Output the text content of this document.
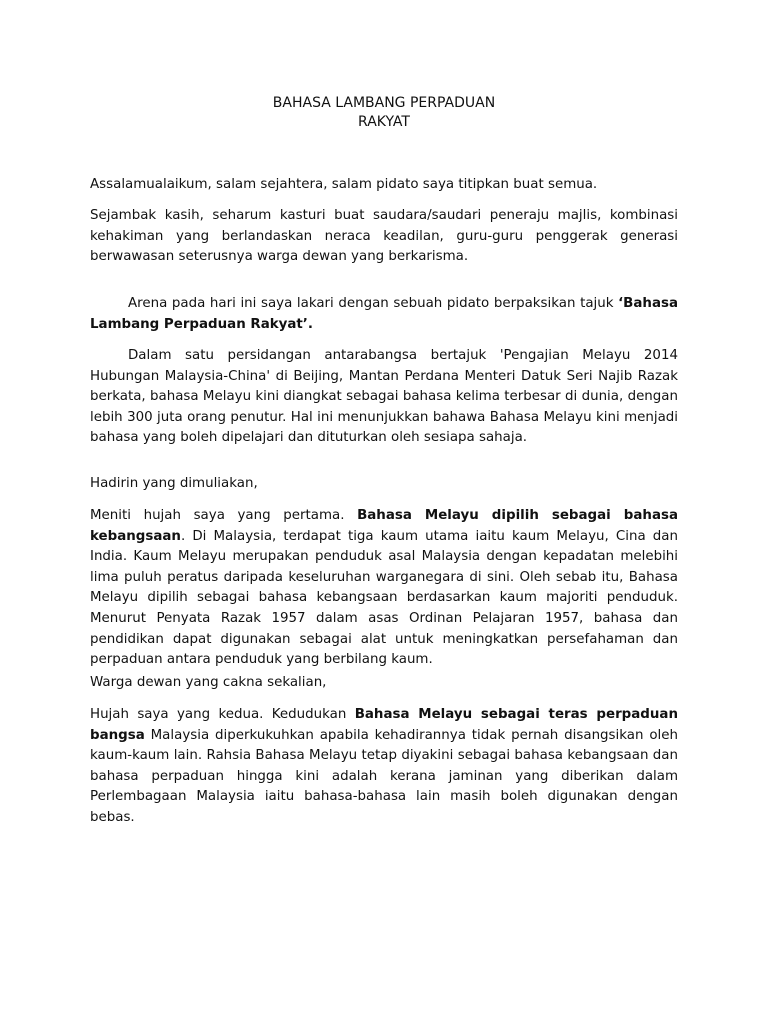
BAHASA LAMBANG PERPADUAN
RAKYAT

Assalamualaikum, salam sejahtera, salam pidato saya titipkan buat semua.

Sejambak kasih, seharum kasturi buat saudara/saudari peneraju majlis, kombinasi kehakiman yang berlandaskan neraca keadilan, guru-guru penggerak generasi berwawasan seterusnya warga dewan yang berkarisma.

Arena pada hari ini saya lakari dengan sebuah pidato berpaksikan tajuk ‘Bahasa Lambang Perpaduan Rakyat’.

Dalam satu persidangan antarabangsa bertajuk 'Pengajian Melayu 2014 Hubungan Malaysia-China' di Beijing, Mantan Perdana Menteri Datuk Seri Najib Razak berkata, bahasa Melayu kini diangkat sebagai bahasa kelima terbesar di dunia, dengan lebih 300 juta orang penutur. Hal ini menunjukkan bahawa Bahasa Melayu kini menjadi bahasa yang boleh dipelajari dan dituturkan oleh sesiapa sahaja.

Hadirin yang dimuliakan,

Meniti hujah saya yang pertama. Bahasa Melayu dipilih sebagai bahasa kebangsaan. Di Malaysia, terdapat tiga kaum utama iaitu kaum Melayu, Cina dan India. Kaum Melayu merupakan penduduk asal Malaysia dengan kepadatan melebihi lima puluh peratus daripada keseluruhan warganegara di sini. Oleh sebab itu, Bahasa Melayu dipilih sebagai bahasa kebangsaan berdasarkan kaum majoriti penduduk. Menurut Penyata Razak 1957 dalam asas Ordinan Pelajaran 1957, bahasa dan pendidikan dapat digunakan sebagai alat untuk meningkatkan persefahaman dan perpaduan antara penduduk yang berbilang kaum.

Warga dewan yang cakna sekalian,

Hujah saya yang kedua. Kedudukan Bahasa Melayu sebagai teras perpaduan bangsa Malaysia diperkukuhkan apabila kehadirannya tidak pernah disangsikan oleh kaum-kaum lain. Rahsia Bahasa Melayu tetap diyakini sebagai bahasa kebangsaan dan bahasa perpaduan hingga kini adalah kerana jaminan yang diberikan dalam Perlembagaan Malaysia iaitu bahasa-bahasa lain masih boleh digunakan dengan bebas.
